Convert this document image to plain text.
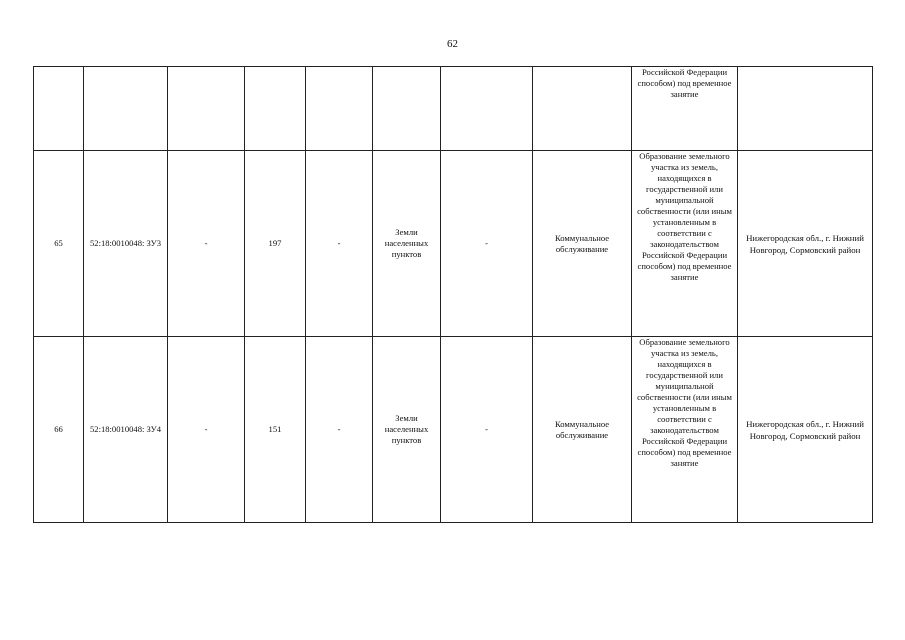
62
								Российской Федерации способом) под временное занятие	
65	52:18:0010048: ЗУ3	-	197	-	Земли населенных пунктов	-	Коммунальное обслуживание	Образование земельного участка из земель, находящихся в государственной или муниципальной собственности (или иным установленным в соответствии с законодательством Российской Федерации способом) под временное занятие	Нижегородская обл., г. Нижний Новгород, Сормовский район
66	52:18:0010048: ЗУ4	-	151	-	Земли населенных пунктов	-	Коммунальное обслуживание	Образование земельного участка из земель, находящихся в государственной или муниципальной собственности (или иным установленным в соответствии с законодательством Российской Федерации способом) под временное занятие	Нижегородская обл., г. Нижний Новгород, Сормовский район
